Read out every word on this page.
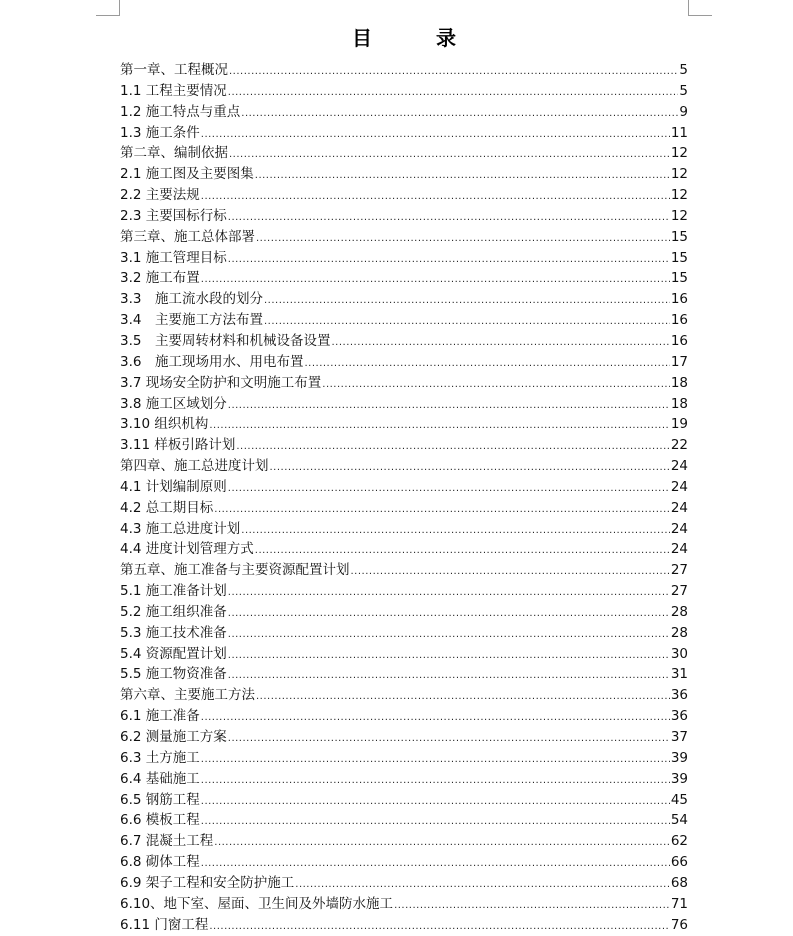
目　录
第一章、工程概况 .....	5
1.1 工程主要情况 .....	5
1.2 施工特点与重点 .....	9
1.3 施工条件 .....	11
第二章、编制依据 .....	12
2.1 施工图及主要图集 .....	12
2.2 主要法规 .....	12
2.3 主要国标行标 .....	12
第三章、施工总体部署 .....	15
3.1 施工管理目标 .....	15
3.2 施工布置 .....	15
3.3　施工流水段的划分 .....	16
3.4　主要施工方法布置 .....	16
3.5　主要周转材料和机械设备设置 .....	16
3.6　施工现场用水、用电布置 .....	17
3.7 现场安全防护和文明施工布置 .....	18
3.8 施工区域划分 .....	18
3.10 组织机构 .....	19
3.11 样板引路计划 .....	22
第四章、施工总进度计划 .....	24
4.1 计划编制原则 .....	24
4.2 总工期目标 .....	24
4.3 施工总进度计划 .....	24
4.4 进度计划管理方式 .....	24
第五章、施工准备与主要资源配置计划 .....	27
5.1 施工准备计划 .....	27
5.2 施工组织准备 .....	28
5.3 施工技术准备 .....	28
5.4 资源配置计划 .....	30
5.5 施工物资准备 .....	31
第六章、主要施工方法 .....	36
6.1 施工准备 .....	36
6.2 测量施工方案 .....	37
6.3 土方施工 .....	39
6.4 基础施工 .....	39
6.5 钢筋工程 .....	45
6.6 模板工程 .....	54
6.7 混凝土工程 .....	62
6.8 砌体工程 .....	66
6.9 架子工程和安全防护施工 .....	68
6.10、地下室、屋面、卫生间及外墙防水施工 .....	71
6.11 门窗工程 .....	76
